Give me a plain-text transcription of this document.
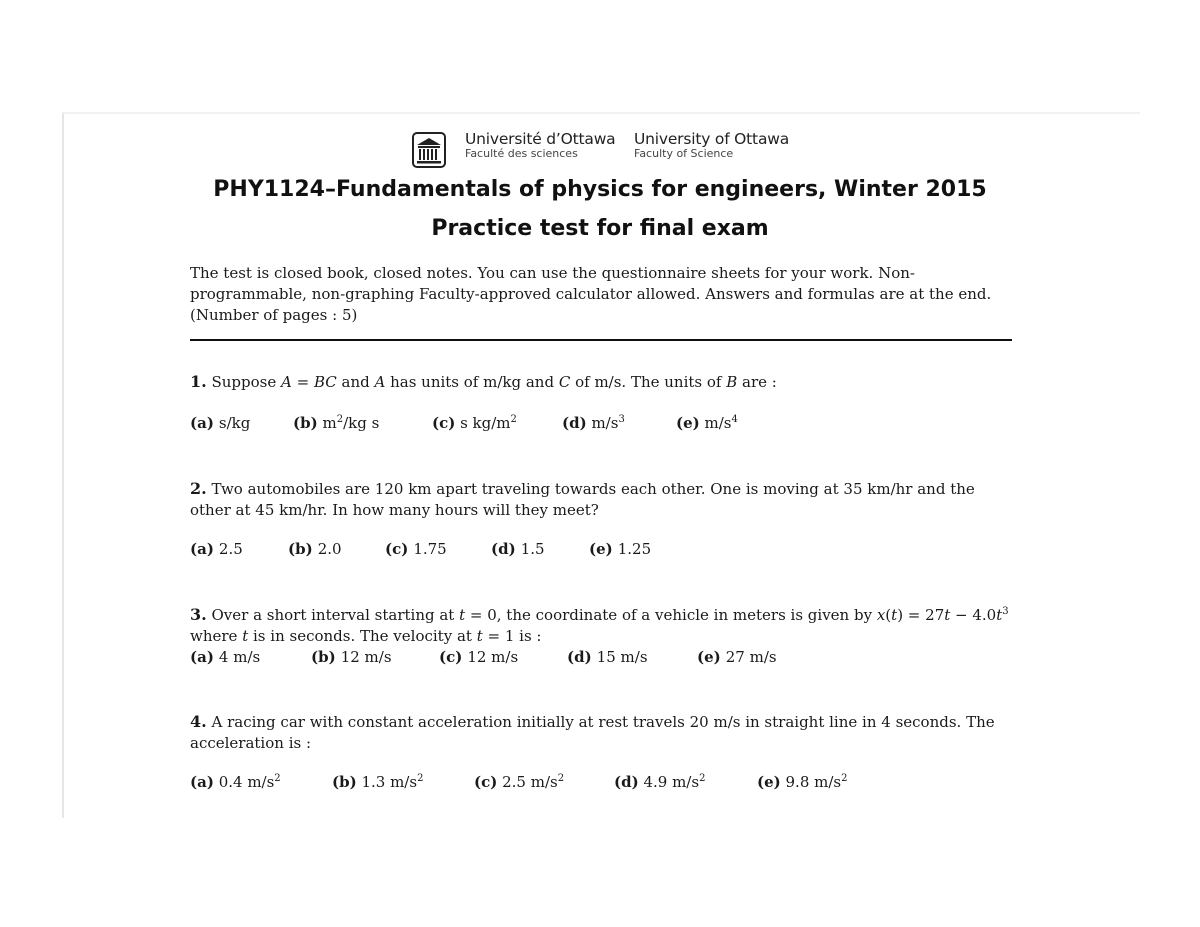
Université d’Ottawa
Faculté des sciences
University of Ottawa
Faculty of Science
PHY1124–Fundamentals of physics for engineers, Winter 2015
Practice test for final exam
The test is closed book, closed notes. You can use the questionnaire sheets for your work. Non-programmable, non-graphing Faculty-approved calculator allowed. Answers and formulas are at the end. (Number of pages : 5)
1. Suppose A = BC and A has units of m/kg and C of m/s. The units of B are :
(a) s/kg	(b) $m^2/kg$ s	(c) s $kg/m^2$	(d) $m/s^3$	(e) $m/s^4$
2. Two automobiles are 120 km apart traveling towards each other. One is moving at 35 km/hr and the other at 45 km/hr. In how many hours will they meet?
(a) 2.5	(b) 2.0	(c) 1.75	(d) 1.5	(e) 1.25
3. Over a short interval starting at t = 0, the coordinate of a vehicle in meters is given by $x(t) = 27t - 4.0t^3$ where t is in seconds. The velocity at t = 1 is :
(a) 4 m/s	(b) 12 m/s	(c) 12 m/s	(d) 15 m/s	(e) 27 m/s
4. A racing car with constant acceleration initially at rest travels 20 m/s in straight line in 4 seconds. The acceleration is :
(a) 0.4 $m/s^2$	(b) 1.3 $m/s^2$	(c) 2.5 $m/s^2$	(d) 4.9 $m/s^2$	(e) 9.8 $m/s^2$
